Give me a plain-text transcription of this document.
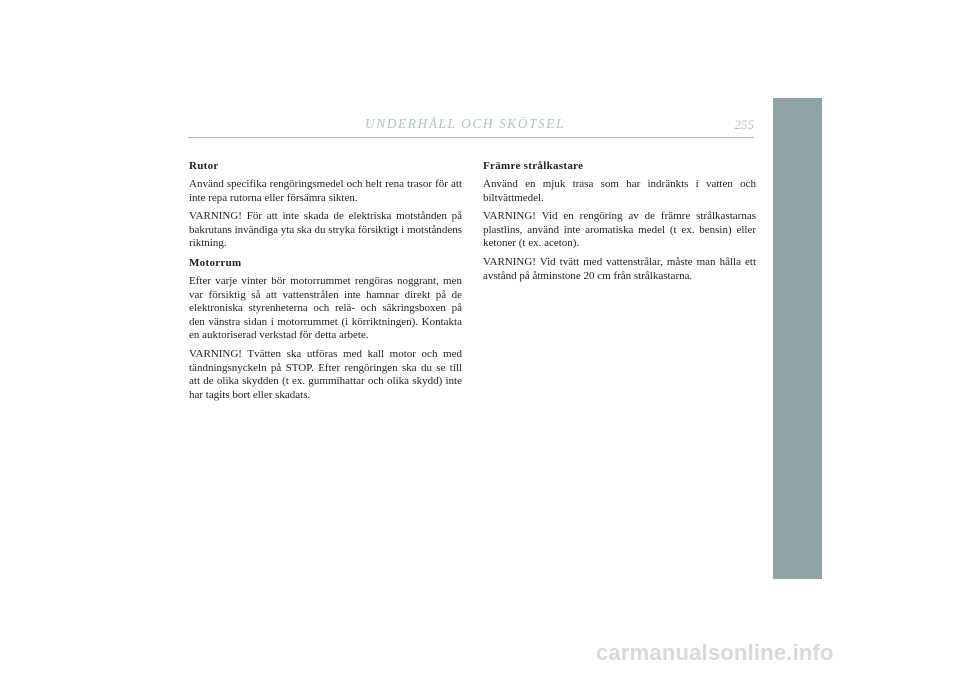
UNDERHÅLL OCH SKÖTSEL	255

Rutor

Använd specifika rengöringsmedel och helt rena trasor för att inte repa rutorna eller försämra sikten.

VARNING! För att inte skada de elektriska motstånden på bakrutans invändiga yta ska du stryka försiktigt i motståndens riktning.

Motorrum

Efter varje vinter bör motorrummet rengöras noggrant, men var försiktig så att vattenstrålen inte hamnar direkt på de elektroniska styrenheterna och relä- och säkringsboxen på den vänstra sidan i motorrummet (i körriktningen). Kontakta en auktoriserad verkstad för detta arbete.

VARNING! Tvätten ska utföras med kall motor och med tändningsnyckeln på STOP. Efter rengöringen ska du se till att de olika skydden (t ex. gummihattar och olika skydd) inte har tagits bort eller skadats.

Främre strålkastare

Använd en mjuk trasa som har indränkts i vatten och biltvättmedel.

VARNING! Vid en rengöring av de främre strålkastarnas plastlins, använd inte aromatiska medel (t ex. bensin) eller ketoner (t ex. aceton).

VARNING! Vid tvätt med vattenstrålar, måste man hålla ett avstånd på åtminstone 20 cm från strålkastarna.

carmanualsonline.info
